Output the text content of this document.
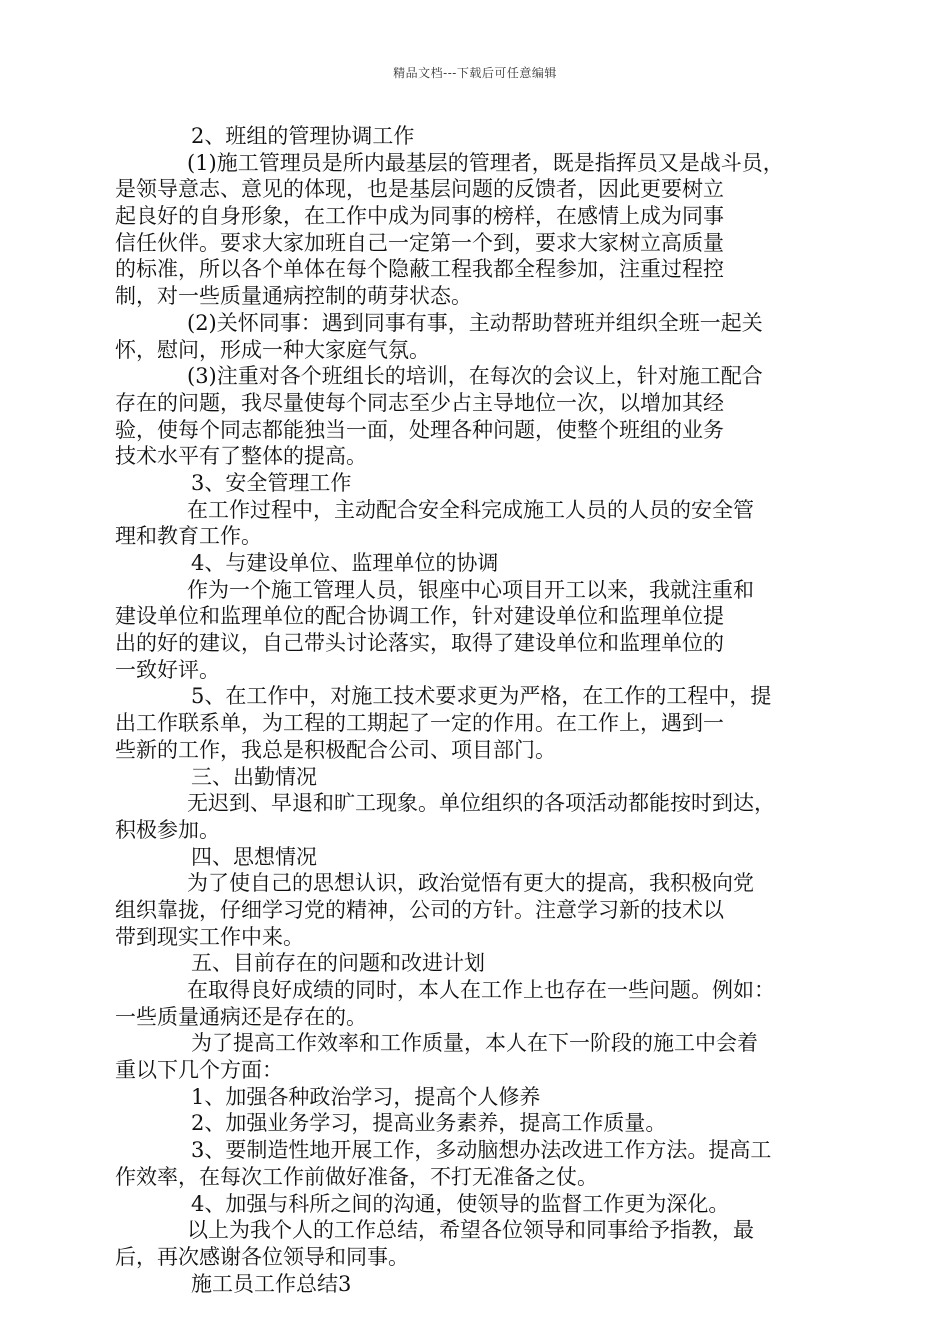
精品文档---下载后可任意编辑
2、班组的管理协调工作
(1)施工管理员是所内最基层的管理者，既是指挥员又是战斗员，
是领导意志、意见的体现，也是基层问题的反馈者，因此更要树立
起良好的自身形象，在工作中成为同事的榜样，在感情上成为同事
信任伙伴。要求大家加班自己一定第一个到，要求大家树立高质量
的标准，所以各个单体在每个隐蔽工程我都全程参加，注重过程控
制，对一些质量通病控制的萌芽状态。
(2)关怀同事：遇到同事有事，主动帮助替班并组织全班一起关
怀，慰问，形成一种大家庭气氛。
(3)注重对各个班组长的培训，在每次的会议上，针对施工配合
存在的问题，我尽量使每个同志至少占主导地位一次，以增加其经
验，使每个同志都能独当一面，处理各种问题，使整个班组的业务
技术水平有了整体的提高。
3、安全管理工作
在工作过程中，主动配合安全科完成施工人员的人员的安全管
理和教育工作。
4、与建设单位、监理单位的协调
作为一个施工管理人员，银座中心项目开工以来，我就注重和
建设单位和监理单位的配合协调工作，针对建设单位和监理单位提
出的好的建议，自己带头讨论落实，取得了建设单位和监理单位的
一致好评。
5、在工作中，对施工技术要求更为严格，在工作的工程中，提
出工作联系单，为工程的工期起了一定的作用。在工作上，遇到一
些新的工作，我总是积极配合公司、项目部门。
三、出勤情况
无迟到、早退和旷工现象。单位组织的各项活动都能按时到达，
积极参加。
四、思想情况
为了使自己的思想认识，政治觉悟有更大的提高，我积极向党
组织靠拢，仔细学习党的精神，公司的方针。注意学习新的技术以
带到现实工作中来。
五、目前存在的问题和改进计划
在取得良好成绩的同时，本人在工作上也存在一些问题。例如：
一些质量通病还是存在的。
为了提高工作效率和工作质量，本人在下一阶段的施工中会着
重以下几个方面：
1、加强各种政治学习，提高个人修养
2、加强业务学习，提高业务素养，提高工作质量。
3、要制造性地开展工作，多动脑想办法改进工作方法。提高工
作效率，在每次工作前做好准备，不打无准备之仗。
4、加强与科所之间的沟通，使领导的监督工作更为深化。
以上为我个人的工作总结，希望各位领导和同事给予指教，最
后，再次感谢各位领导和同事。
施工员工作总结3
